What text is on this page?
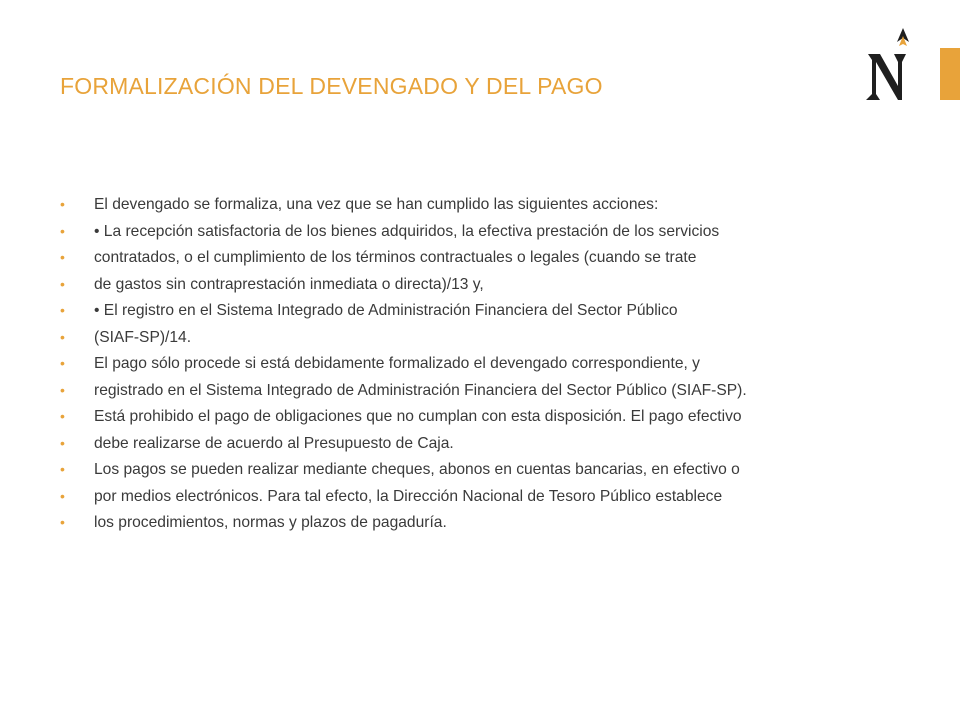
FORMALIZACIÓN DEL DEVENGADO Y DEL PAGO
• El devengado se formaliza, una vez que se han cumplido las siguientes acciones:
• • La recepción satisfactoria de los bienes adquiridos, la efectiva prestación de los servicios
• contratados, o el cumplimiento de los términos contractuales o legales (cuando se trate
• de gastos sin contraprestación inmediata o directa)/13 y,
• • El registro en el Sistema Integrado de Administración Financiera del Sector Público
• (SIAF-SP)/14.
• El pago sólo procede si está debidamente formalizado el devengado correspondiente, y
• registrado en el Sistema Integrado de Administración Financiera del Sector Público (SIAF-SP).
• Está prohibido el pago de obligaciones que no cumplan con esta disposición. El pago efectivo
• debe realizarse de acuerdo al Presupuesto de Caja.
• Los pagos se pueden realizar mediante cheques, abonos en cuentas bancarias, en efectivo o
• por medios electrónicos. Para tal efecto, la Dirección Nacional de Tesoro Público establece
• los procedimientos, normas y plazos de pagaduría.
